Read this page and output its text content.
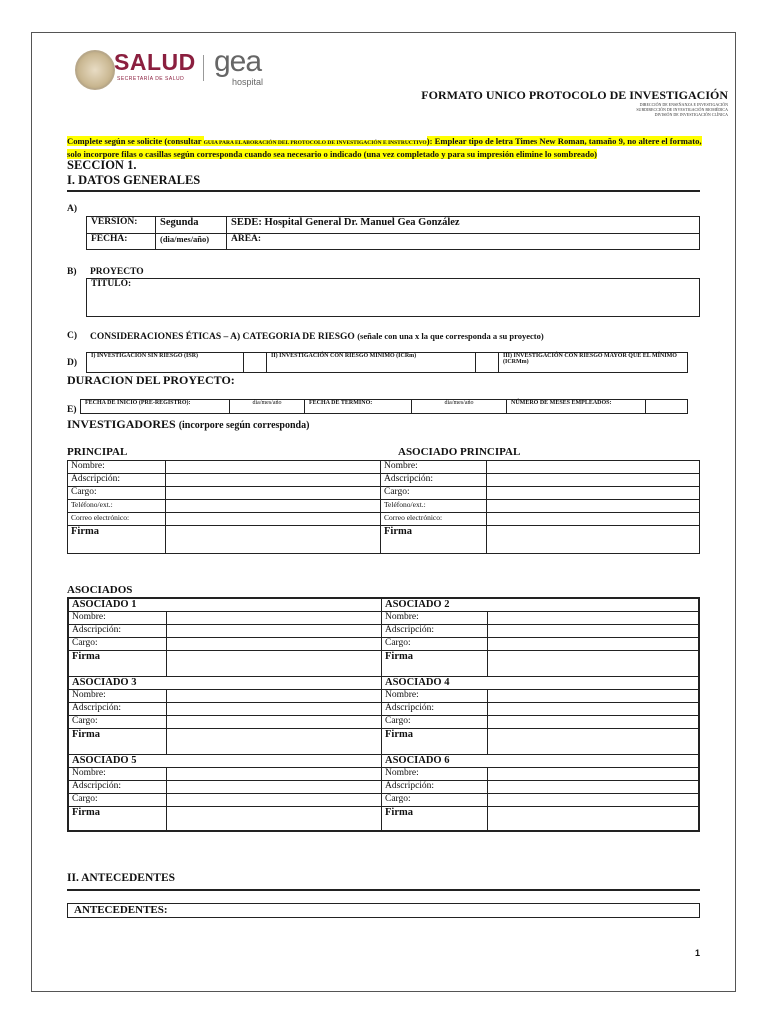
SALUD
SECRETARÍA DE SALUD
gea
hospital
FORMATO UNICO PROTOCOLO DE INVESTIGACIÓN
DIRECCIÓN DE ENSEÑANZA E INVESTIGACIÓN
SUBDIRECCIÓN DE INVESTIGACIÓN BIOMÉDICA
DIVISIÓN DE INVESTIGACIÓN CLÍNICA
Complete según se solicite (consultar GUIA PARA ELABORACIÓN DEL PROTOCOLO DE INVESTIGACIÓN E INSTRUCTIVO): Emplear tipo de letra Times New Roman, tamaño 9, no altere el formato, solo incorpore filas o casillas según corresponda cuando sea necesario o indicado (una vez completado y para su impresión elimine lo sombreado)
SECCION 1.
I. DATOS GENERALES
A)
VERSION:	Segunda	SEDE: Hospital General Dr. Manuel Gea González
FECHA:	(dia/mes/año)	AREA:
B) PROYECTO
TITULO:
C) CONSIDERACIONES ÉTICAS – A) CATEGORIA DE RIESGO (señale con una x la que corresponda a su proyecto)
D)
I) INVESTIGACION SIN RIESGO (ISR)		II) INVESTIGACIÓN CON RIESGO MINIMO (ICRm)		III) INVESTIGACIÓN CON RIESGO MAYOR QUE EL MÍNIMO (ICRMm)
DURACION DEL PROYECTO:
E)
FECHA DE INICIO (PRE-REGISTRO):	dia/mes/año	FECHA DE TERMINO:	dia/mes/año	NÚMERO DE MESES EMPLEADOS:	
INVESTIGADORES (incorpore según corresponda)
PRINCIPAL	ASOCIADO PRINCIPAL
Nombre:		Nombre:	
Adscripción:		Adscripción:	
Cargo:		Cargo:	
Teléfono/ext.:		Teléfono/ext.:	
Correo electrónico:		Correo electrónico:	
Firma		Firma	
ASOCIADOS
ASOCIADO 1		ASOCIADO 2	
Nombre:		Nombre:	
Adscripción:		Adscripción:	
Cargo:		Cargo:	
Firma		Firma	
ASOCIADO 3		ASOCIADO 4	
Nombre:		Nombre:	
Adscripción:		Adscripción:	
Cargo:		Cargo:	
Firma		Firma	
ASOCIADO 5		ASOCIADO 6	
Nombre:		Nombre:	
Adscripción:		Adscripción:	
Cargo:		Cargo:	
Firma		Firma	
II. ANTECEDENTES
ANTECEDENTES:
1
